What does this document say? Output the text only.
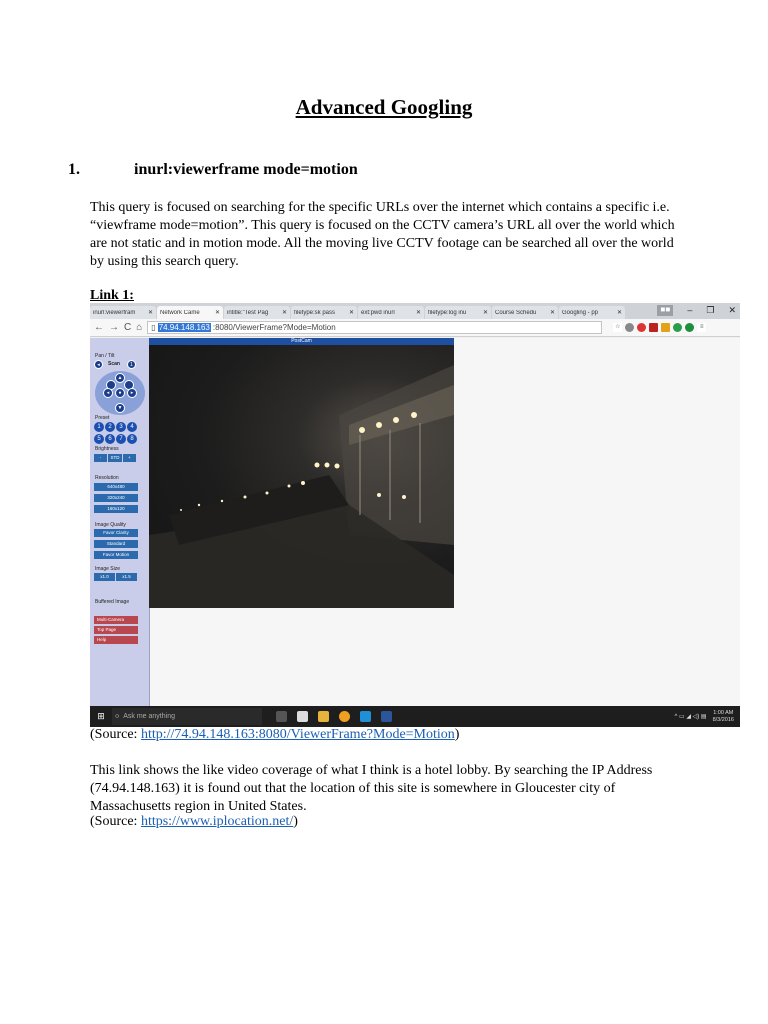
Advanced Googling
1.	inurl:viewerframe mode=motion
This query is focused on searching for the specific URLs over the internet which contains a specific i.e. “viewframe mode=motion”. This query is focused on the CCTV camera’s URL all over the world which are not static and in motion mode. All the moving live CCTV footage can be searched all over the world by using this search query.
Link 1:
inurl:viewerfram	✕ Network Came	✕ intitle:"Test Pag	✕ filetype:sk pass	✕ ext:pwd inurl	✕ filetype:log inu	✕ Course Schedu	✕ Googling - pp	✕	◼◼	– ❐ ✕
← → C ⌂ ▯ 74.94.148.163 :8080/ViewerFrame?Mode=Motion	☆	≡
Pan / Tilt
◂	Scan	1
▲
◂	●	▸
▼
Preset
1	2	3	4
5	6	7	8
Brightness
-	STD	+
Resolution
640x480
320x240
160x120
Image Quality
Favor Clarity
Standard
Favor Motion
Image Size
x1.0	x1.5
Buffered Image
Multi-Camera
Top Page
Help
PostCam
⊞	○ Ask me anything	^ ▭ ◢ ◁) ▤
1:00 AM
8/3/2016
(Source: http://74.94.148.163:8080/ViewerFrame?Mode=Motion)
This link shows the like video coverage of what I think is a hotel lobby. By searching the IP Address (74.94.148.163) it is found out that the location of this site is somewhere in Gloucester city of Massachusetts region in United States.
(Source: https://www.iplocation.net/)
